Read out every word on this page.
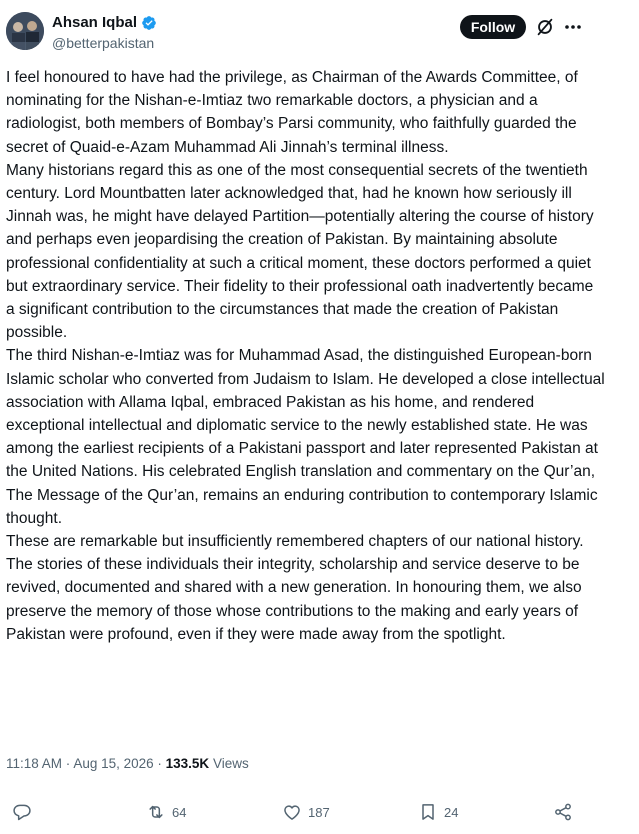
Ahsan Iqbal
@betterpakistan
Follow

I feel honoured to have had the privilege, as Chairman of the Awards Committee, of nominating for the Nishan-e-Imtiaz two remarkable doctors, a physician and a radiologist, both members of Bombay’s Parsi community, who faithfully guarded the secret of Quaid-e-Azam Muhammad Ali Jinnah’s terminal illness.

Many historians regard this as one of the most consequential secrets of the twentieth century. Lord Mountbatten later acknowledged that, had he known how seriously ill Jinnah was, he might have delayed Partition—potentially altering the course of history and perhaps even jeopardising the creation of Pakistan. By maintaining absolute professional confidentiality at such a critical moment, these doctors performed a quiet but extraordinary service. Their fidelity to their professional oath inadvertently became a significant contribution to the circumstances that made the creation of Pakistan possible.

The third Nishan-e-Imtiaz was for Muhammad Asad, the distinguished European-born Islamic scholar who converted from Judaism to Islam. He developed a close intellectual association with Allama Iqbal, embraced Pakistan as his home, and rendered exceptional intellectual and diplomatic service to the newly established state. He was among the earliest recipients of a Pakistani passport and later represented Pakistan at the United Nations. His celebrated English translation and commentary on the Qur’an, The Message of the Qur’an, remains an enduring contribution to contemporary Islamic thought.

These are remarkable but insufficiently remembered chapters of our national history. The stories of these individuals their integrity, scholarship and service deserve to be revived, documented and shared with a new generation. In honouring them, we also preserve the memory of those whose contributions to the making and early years of Pakistan were profound, even if they were made away from the spotlight.

11:18 AM · Aug 15, 2026 · 133.5K Views
64	187	24
